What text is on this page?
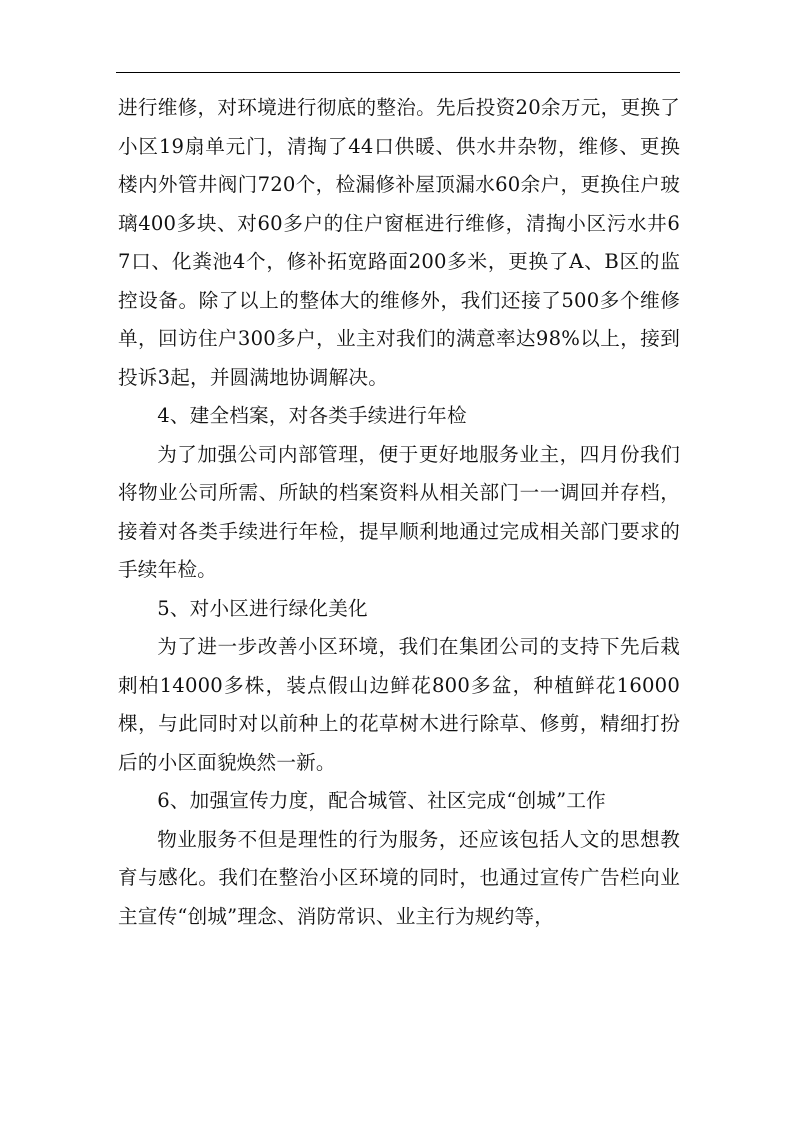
进行维修，对环境进行彻底的整治。先后投资20余万元，更换了小区19扇单元门，清掏了44口供暖、供水井杂物，维修、更换楼内外管井阀门720个，检漏修补屋顶漏水60余户，更换住户玻璃400多块、对60多户的住户窗框进行维修，清掏小区污水井67口、化粪池4个，修补拓宽路面200多米，更换了A、B区的监控设备。除了以上的整体大的维修外，我们还接了500多个维修单，回访住户300多户，业主对我们的满意率达98%以上，接到投诉3起，并圆满地协调解决。

4、建全档案，对各类手续进行年检

为了加强公司内部管理，便于更好地服务业主，四月份我们将物业公司所需、所缺的档案资料从相关部门一一调回并存档，接着对各类手续进行年检，提早顺利地通过完成相关部门要求的手续年检。

5、对小区进行绿化美化

为了进一步改善小区环境，我们在集团公司的支持下先后栽刺柏14000多株，装点假山边鲜花800多盆，种植鲜花16000棵，与此同时对以前种上的花草树木进行除草、修剪，精细打扮后的小区面貌焕然一新。

6、加强宣传力度，配合城管、社区完成“创城”工作

物业服务不但是理性的行为服务，还应该包括人文的思想教育与感化。我们在整治小区环境的同时，也通过宣传广告栏向业主宣传“创城”理念、消防常识、业主行为规约等，
